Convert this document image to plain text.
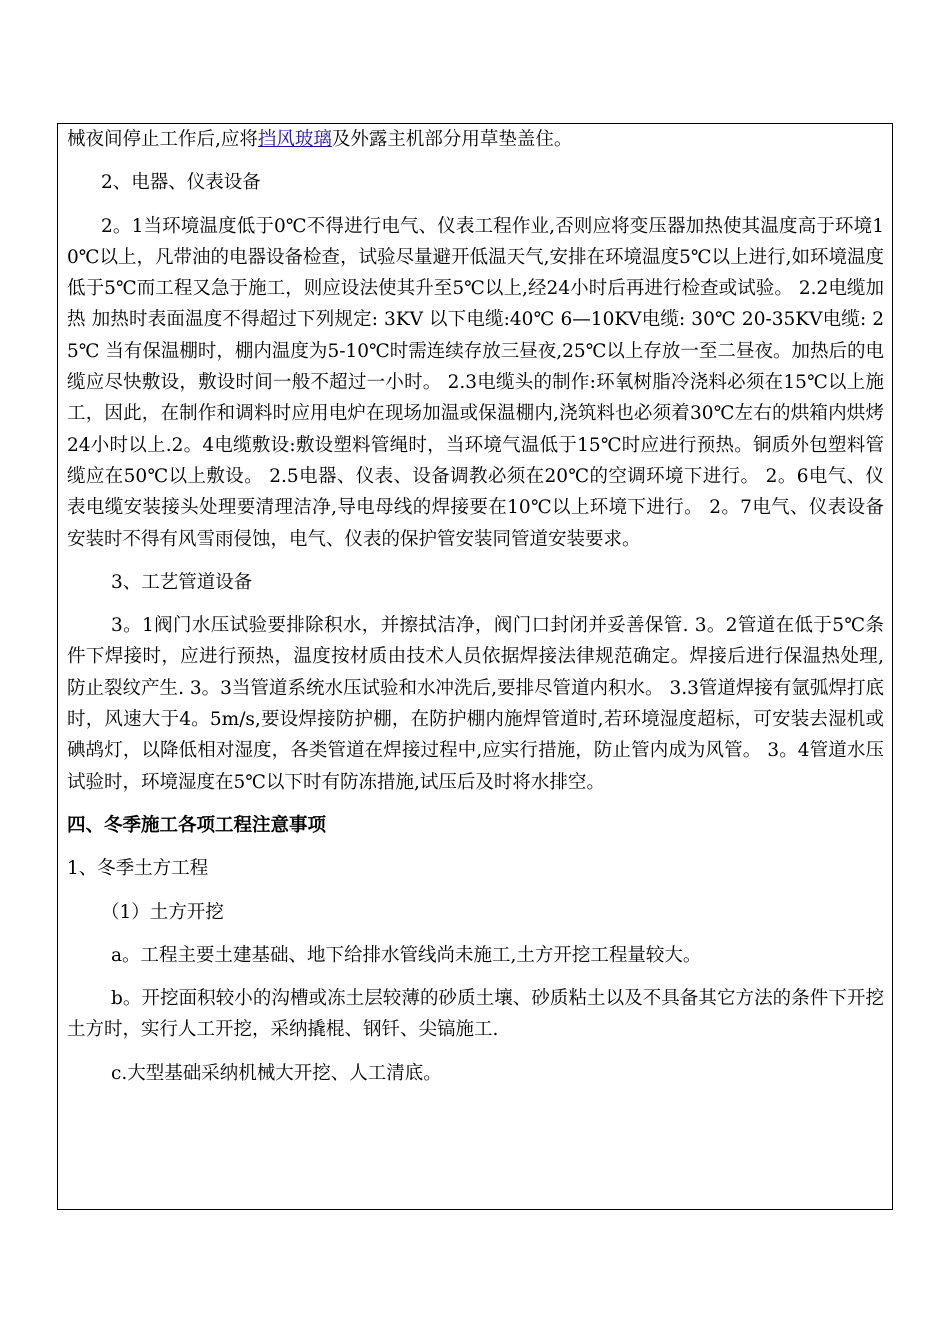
械夜间停止工作后,应将挡风玻璃及外露主机部分用草垫盖住。

2、电器、仪表设备

2。1当环境温度低于0℃不得进行电气、仪表工程作业,否则应将变压器加热使其温度高于环境10℃以上，凡带油的电器设备检查，试验尽量避开低温天气,安排在环境温度5℃以上进行,如环境温度低于5℃而工程又急于施工，则应设法使其升至5℃以上,经24小时后再进行检查或试验。 2.2电缆加热 加热时表面温度不得超过下列规定: 3KV 以下电缆:40℃ 6—10KV电缆: 30℃ 20-35KV电缆: 25℃ 当有保温棚时，棚内温度为5-10℃时需连续存放三昼夜,25℃以上存放一至二昼夜。加热后的电缆应尽快敷设，敷设时间一般不超过一小时。 2.3电缆头的制作:环氧树脂冷浇料必须在15℃以上施工，因此，在制作和调料时应用电炉在现场加温或保温棚内,浇筑料也必须着30℃左右的烘箱内烘烤24小时以上.2。4电缆敷设:敷设塑料管绳时，当环境气温低于15℃时应进行预热。铜质外包塑料管缆应在50℃以上敷设。 2.5电器、仪表、设备调教必须在20℃的空调环境下进行。 2。6电气、仪表电缆安装接头处理要清理洁净,导电母线的焊接要在10℃以上环境下进行。 2。7电气、仪表设备安装时不得有风雪雨侵蚀，电气、仪表的保护管安装同管道安装要求。

3、工艺管道设备

3。1阀门水压试验要排除积水，并擦拭洁净，阀门口封闭并妥善保管. 3。2管道在低于5℃条件下焊接时，应进行预热，温度按材质由技术人员依据焊接法律规范确定。焊接后进行保温热处理,防止裂纹产生. 3。3当管道系统水压试验和水冲洗后,要排尽管道内积水。 3.3管道焊接有氩弧焊打底时，风速大于4。5m/s,要设焊接防护棚，在防护棚内施焊管道时,若环境湿度超标，可安装去湿机或碘鸪灯，以降低相对湿度，各类管道在焊接过程中,应实行措施，防止管内成为风管。 3。4管道水压试验时，环境湿度在5℃以下时有防冻措施,试压后及时将水排空。

四、冬季施工各项工程注意事项

1、冬季土方工程

（1）土方开挖

a。工程主要土建基础、地下给排水管线尚未施工,土方开挖工程量较大。

b。开挖面积较小的沟槽或冻土层较薄的砂质土壤、砂质粘土以及不具备其它方法的条件下开挖土方时，实行人工开挖，采纳撬棍、钢钎、尖镐施工.

c.大型基础采纳机械大开挖、人工清底。
